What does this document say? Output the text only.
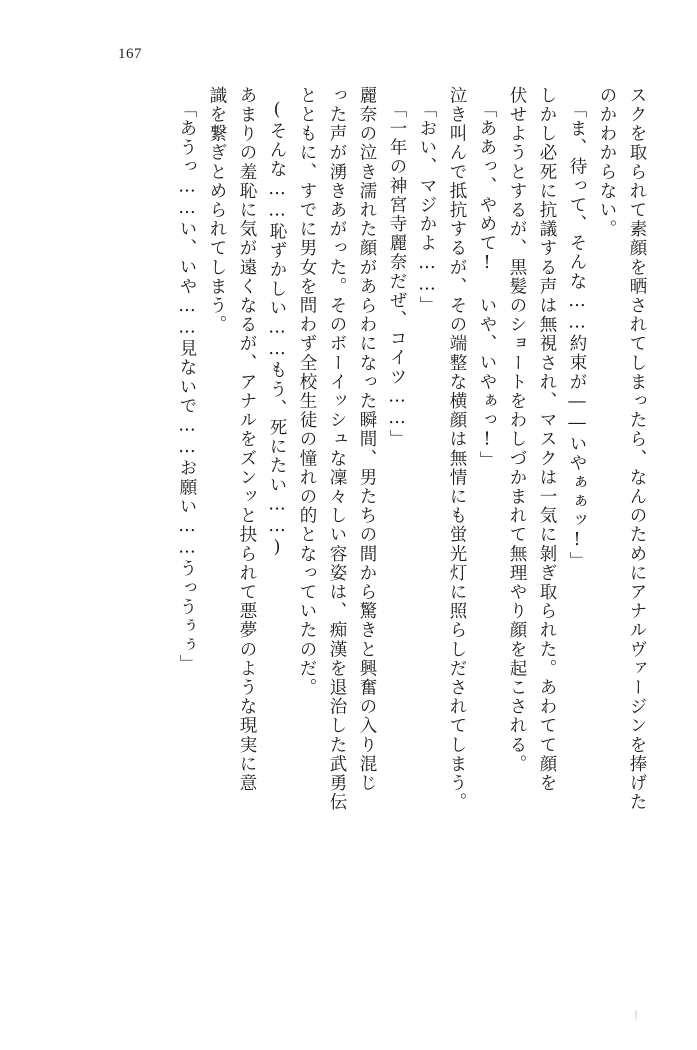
167
スクを取られて素顔を晒されてしまったら、なんのためにアナルヴァージンを捧げた
のかわからない。
「ま、待って、そんな……約束が――いやぁぁッ!」
しかし必死に抗議する声は無視され、マスクは一気に剝ぎ取られた。あわてて顔を
伏せようとするが、黒髪のショートをわしづかまれて無理やり顔を起こされる。
「ああっ、やめて! いや、いやぁっ!」
泣き叫んで抵抗するが、その端整な横顔は無情にも蛍光灯に照らしだされてしまう。
「おい、マジかよ……」
「一年の神宮寺麗奈だぜ、コイツ……」
麗奈の泣き濡れた顔があらわになった瞬間、男たちの間から驚きと興奮の入り混じ
った声が湧きあがった。そのボーイッシュな凜々しい容姿は、痴漢を退治した武勇伝
とともに、すでに男女を問わず全校生徒の憧れの的となっていたのだ。
(そんな……恥ずかしい……もう、死にたい……)
あまりの羞恥に気が遠くなるが、アナルをズンッと抉られて悪夢のような現実に意
識を繋ぎとめられてしまう。
「あうっ……い、いや……見ないで……お願い……うっうぅぅ」
|
